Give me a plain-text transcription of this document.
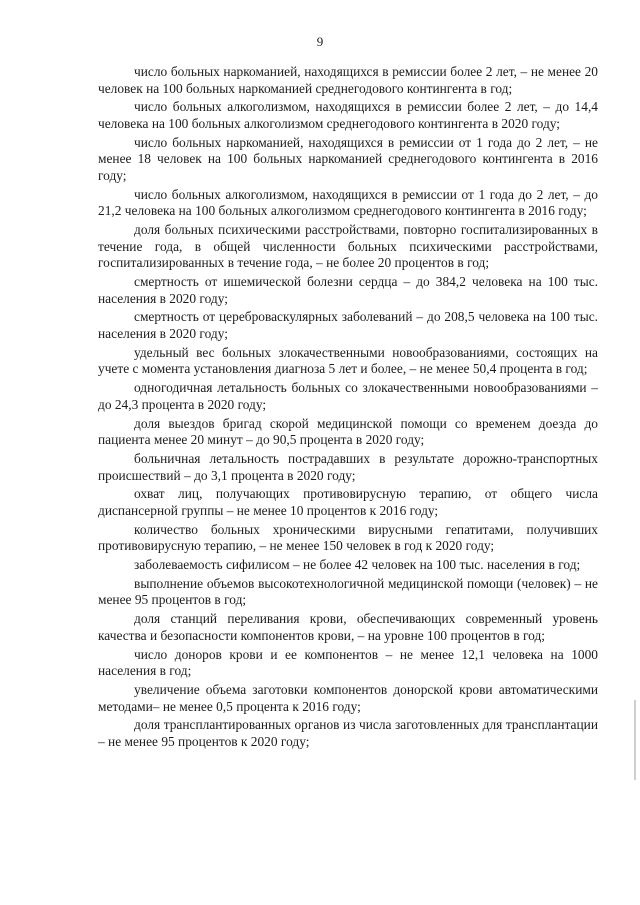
9

число больных наркоманией, находящихся в ремиссии более 2 лет, – не менее 20 человек на 100 больных наркоманией среднегодового контингента в год;

число больных алкоголизмом, находящихся в ремиссии более 2 лет, – до 14,4 человека на 100 больных алкоголизмом среднегодового контингента в 2020 году;

число больных наркоманией, находящихся в ремиссии от 1 года до 2 лет, – не менее 18 человек на 100 больных наркоманией среднегодового контингента в 2016 году;

число больных алкоголизмом, находящихся в ремиссии от 1 года до 2 лет, – до 21,2 человека на 100 больных алкоголизмом среднегодового контингента в 2016 году;

доля больных психическими расстройствами, повторно госпитализированных в течение года, в общей численности больных психическими расстройствами, госпитализированных в течение года, – не более 20 процентов в год;

смертность от ишемической болезни сердца – до 384,2 человека на 100 тыс. населения в 2020 году;

смертность от цереброваскулярных заболеваний – до 208,5 человека на 100 тыс. населения в 2020 году;

удельный вес больных злокачественными новообразованиями, состоящих на учете с момента установления диагноза 5 лет и более, – не менее 50,4 процента в год;

одногодичная летальность больных со злокачественными новообразованиями – до 24,3 процента в 2020 году;

доля выездов бригад скорой медицинской помощи со временем доезда до пациента менее 20 минут – до 90,5 процента в 2020 году;

больничная летальность пострадавших в результате дорожно-транспортных происшествий – до 3,1 процента в 2020 году;

охват лиц, получающих противовирусную терапию, от общего числа диспансерной группы – не менее 10 процентов к 2016 году;

количество больных хроническими вирусными гепатитами, получивших противовирусную терапию, – не менее 150 человек в год к 2020 году;

заболеваемость сифилисом – не более 42 человек на 100 тыс. населения в год;

выполнение объемов высокотехнологичной медицинской помощи (человек) – не менее 95 процентов в год;

доля станций переливания крови, обеспечивающих современный уровень качества и безопасности компонентов крови, – на уровне 100 процентов в год;

число доноров крови и ее компонентов – не менее 12,1 человека на 1000 населения в год;

увеличение объема заготовки компонентов донорской крови автоматическими методами– не менее 0,5 процента к 2016 году;

доля трансплантированных органов из числа заготовленных для трансплантации – не менее 95 процентов к 2020 году;
